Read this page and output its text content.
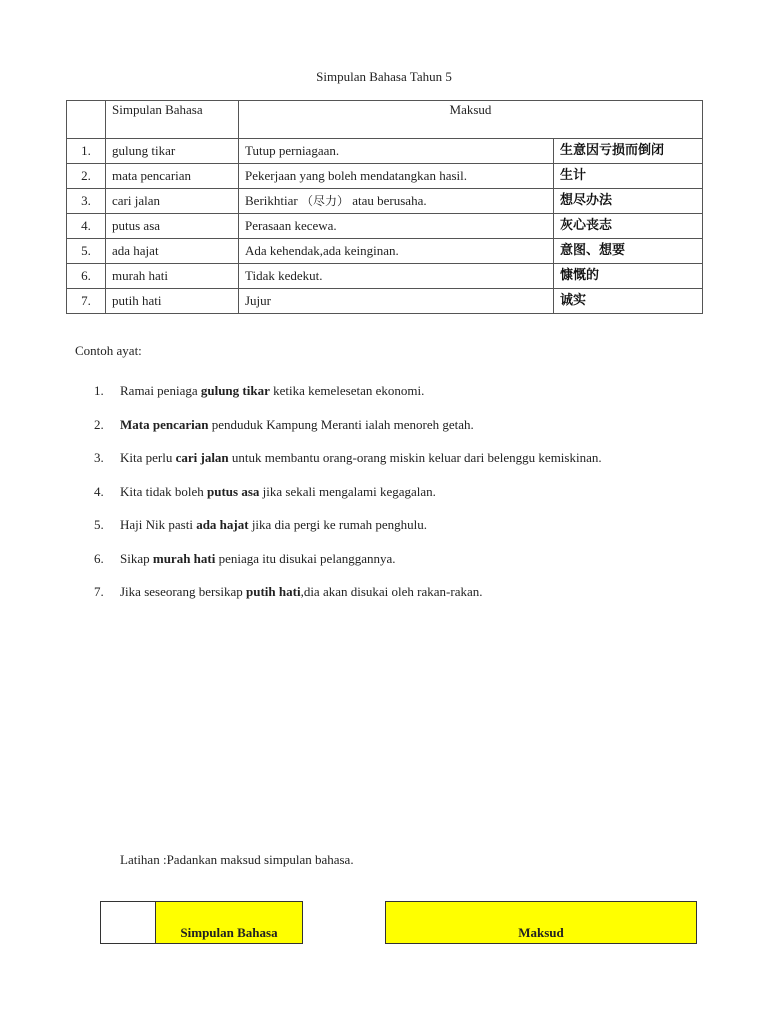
Simpulan Bahasa Tahun 5
	Simpulan Bahasa	Maksud	
1.	gulung tikar	Tutup perniagaan.	生意因亏损而倒闭
2.	mata pencarian	Pekerjaan yang boleh mendatangkan hasil.	生计
3.	cari jalan	Berikhtiar （尽力） atau berusaha.	想尽办法
4.	putus asa	Perasaan kecewa.	灰心丧志
5.	ada hajat	Ada kehendak,ada keinginan.	意图、想要
6.	murah hati	Tidak kedekut.	慷慨的
7.	putih hati	Jujur	诚实
Contoh ayat:
1. Ramai peniaga gulung tikar ketika kemelesetan ekonomi.
2. Mata pencarian penduduk Kampung Meranti ialah menoreh getah.
3. Kita perlu cari jalan untuk membantu orang-orang miskin keluar dari belenggu kemiskinan.
4. Kita tidak boleh putus asa jika sekali mengalami kegagalan.
5. Haji Nik pasti ada hajat jika dia pergi ke rumah penghulu.
6. Sikap murah hati peniaga itu disukai pelanggannya.
7. Jika seseorang bersikap putih hati,dia akan disukai oleh rakan-rakan.
Latihan :Padankan maksud simpulan bahasa.
	Simpulan Bahasa		Maksud
